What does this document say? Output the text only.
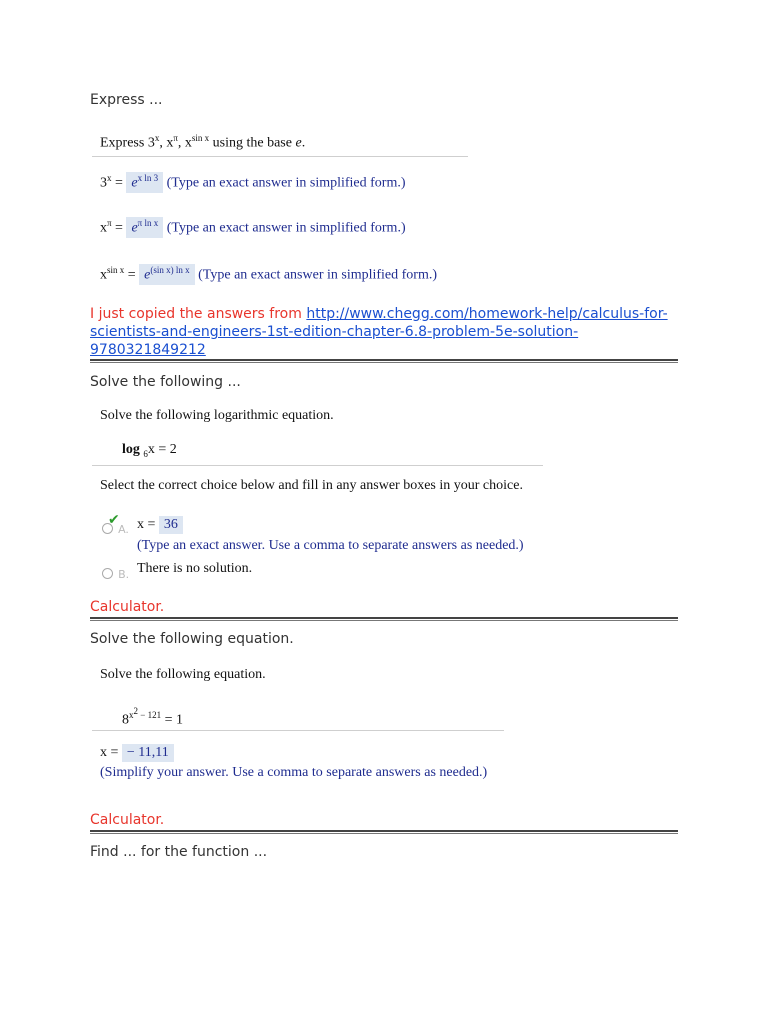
Express ...
Express 3$^x$, $x^\pi$, $x^{sin x}$ using the base e.
$3^x = e^{x ln 3}$ (Type an exact answer in simplified form.)
$x^\pi = e^{\pi ln x}$ (Type an exact answer in simplified form.)
$x^{sin x} = e^{(sin x) ln x}$ (Type an exact answer in simplified form.)
I just copied the answers from http://www.chegg.com/homework-help/calculus-for-scientists-and-engineers-1st-edition-chapter-6.8-problem-5e-solution-9780321849212
Solve the following ...
Solve the following logarithmic equation.
log $_6$x = 2
Select the correct choice below and fill in any answer boxes in your choice.

✔
A. x = 36
(Type an exact answer. Use a comma to separate answers as needed.)
B. There is no solution.
Calculator.
Solve the following equation.
Solve the following equation.
$8^{x^2 - 121} = 1$
x = − 11,11
(Simplify your answer. Use a comma to separate answers as needed.)
Calculator.
Find ... for the function ...
